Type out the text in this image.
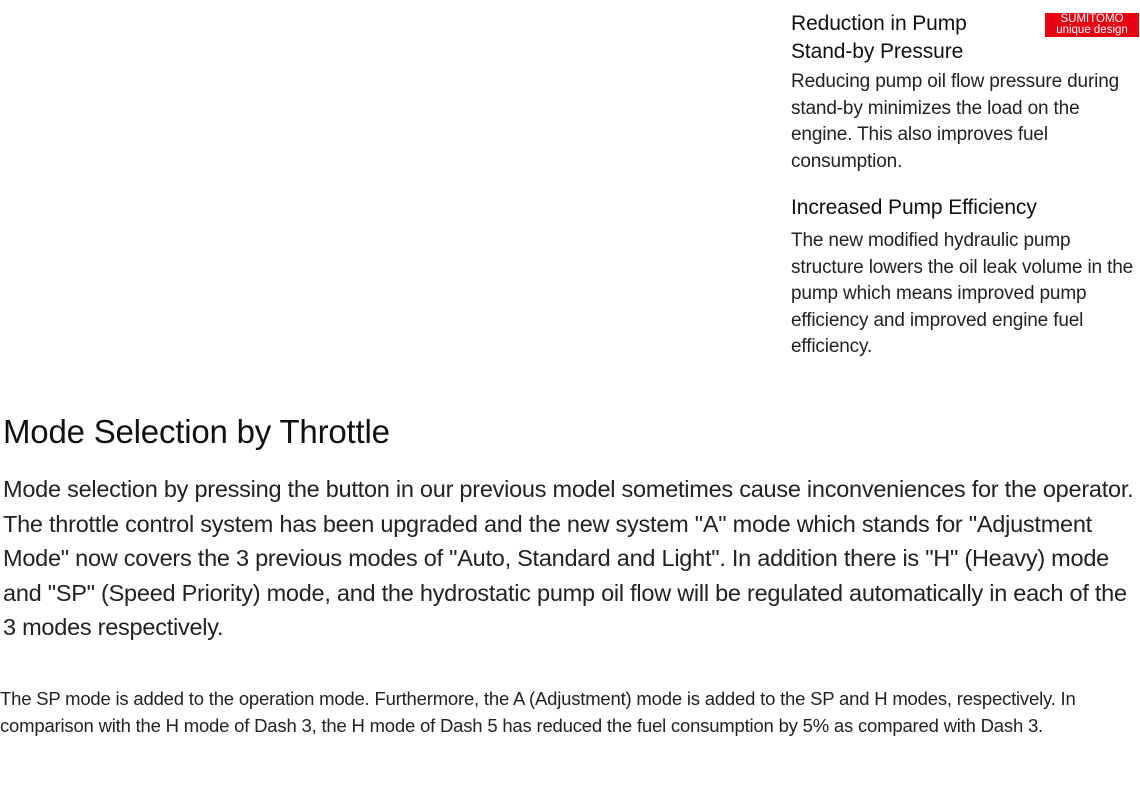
Reduction in Pump
Stand-by Pressure
SUMITOMO
unique design

Reducing pump oil flow pressure during stand-by minimizes the load on the engine. This also improves fuel consumption.

Increased Pump Efficiency

The new modified hydraulic pump structure lowers the oil leak volume in the pump which means improved pump efficiency and improved engine fuel efficiency.

Mode Selection by Throttle

Mode selection by pressing the button in our previous model sometimes cause inconveniences for the operator. The throttle control system has been upgraded and the new system "A" mode which stands for "Adjustment Mode" now covers the 3 previous modes of "Auto, Standard and Light". In addition there is "H" (Heavy) mode and "SP" (Speed Priority) mode, and the hydrostatic pump oil flow will be regulated automatically in each of the 3 modes respectively.

The SP mode is added to the operation mode. Furthermore, the A (Adjustment) mode is added to the SP and H modes, respectively. In comparison with the H mode of Dash 3, the H mode of Dash 5 has reduced the fuel consumption by 5% as compared with Dash 3.
